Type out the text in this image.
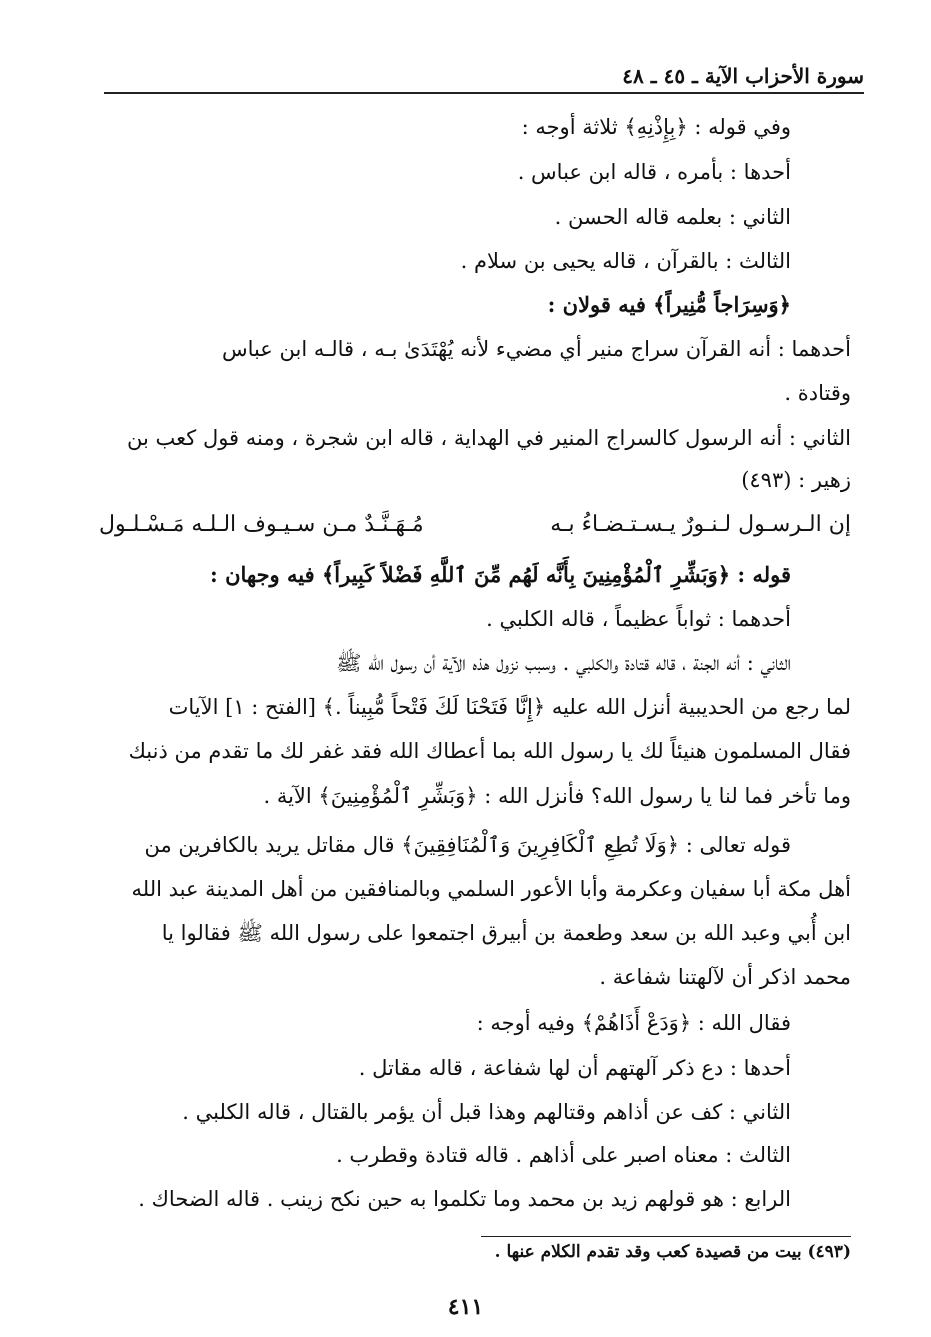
سورة الأحزاب الآية ـ ٤٥ ـ ٤٨
وفي قوله : ﴿بِإِذْنِهِ﴾ ثلاثة أوجه :
أحدها : بأمره ، قاله ابن عباس .
الثاني : بعلمه قاله الحسن .
الثالث : بالقرآن ، قاله يحيى بن سلام .
﴿وَسِرَاجاً مُّنِيراً﴾ فيه قولان :
أحدهما : أنه القرآن سراج منير أي مضيء لأنه يُهْتَدَىٰ بـه ، قالـه ابن عباس
وقتادة .
الثاني : أنه الرسول كالسراج المنير في الهداية ، قاله ابن شجرة ، ومنه قول كعب بن
زهير : (٤٩٣)
إن الـرسـول لـنـورٌ يـسـتـضـاءُ بـه
مُـهَـنَّـدٌ مـن سـيـوف الـلـه مَـسْـلـول
قوله : ﴿وَبَشِّرِ ٱلْمُؤْمِنِينَ بِأَنَّه لَهُم مِّنَ ٱللَّهِ فَضْلاً كَبِيراً﴾ فيه وجهان :
أحدهما : ثواباً عظيماً ، قاله الكلبي .
الثاني : أنه الجنة ، قاله قتادة والكلبي . وسبب نزول هذه الآية أن رسول الله ﷺ
لما رجع من الحديبية أنزل الله عليه ﴿إِنَّا فَتَحْنَا لَكَ فَتْحاً مُّبِيناً .﴾ [الفتح : ١] الآيات
فقال المسلمون هنيئاً لك يا رسول الله بما أعطاك الله فقد غفر لك ما تقدم من ذنبك
وما تأخر فما لنا يا رسول الله؟ فأنزل الله : ﴿وَبَشِّرِ ٱلْمُؤْمِنِينَ﴾ الآية .
قوله تعالى : ﴿وَلَا تُطِعِ ٱلْكَافِرِينَ وَٱلْمُنَافِقِينَ﴾ قال مقاتل يريد بالكافرين من
أهل مكة أبا سفيان وعكرمة وأبا الأعور السلمي وبالمنافقين من أهل المدينة عبد الله
ابن أُبي وعبد الله بن سعد وطعمة بن أبيرق اجتمعوا على رسول الله ﷺ فقالوا يا
محمد اذكر أن لآلهتنا شفاعة .
فقال الله : ﴿وَدَعْ أَذَاهُمْ﴾ وفيه أوجه :
أحدها : دع ذكر آلهتهم أن لها شفاعة ، قاله مقاتل .
الثاني : كف عن أذاهم وقتالهم وهذا قبل أن يؤمر بالقتال ، قاله الكلبي .
الثالث : معناه اصبر على أذاهم . قاله قتادة وقطرب .
الرابع : هو قولهم زيد بن محمد وما تكلموا به حين نكح زينب . قاله الضحاك .
(٤٩٣) بيت من قصيدة كعب وقد تقدم الكلام عنها .
٤١١
